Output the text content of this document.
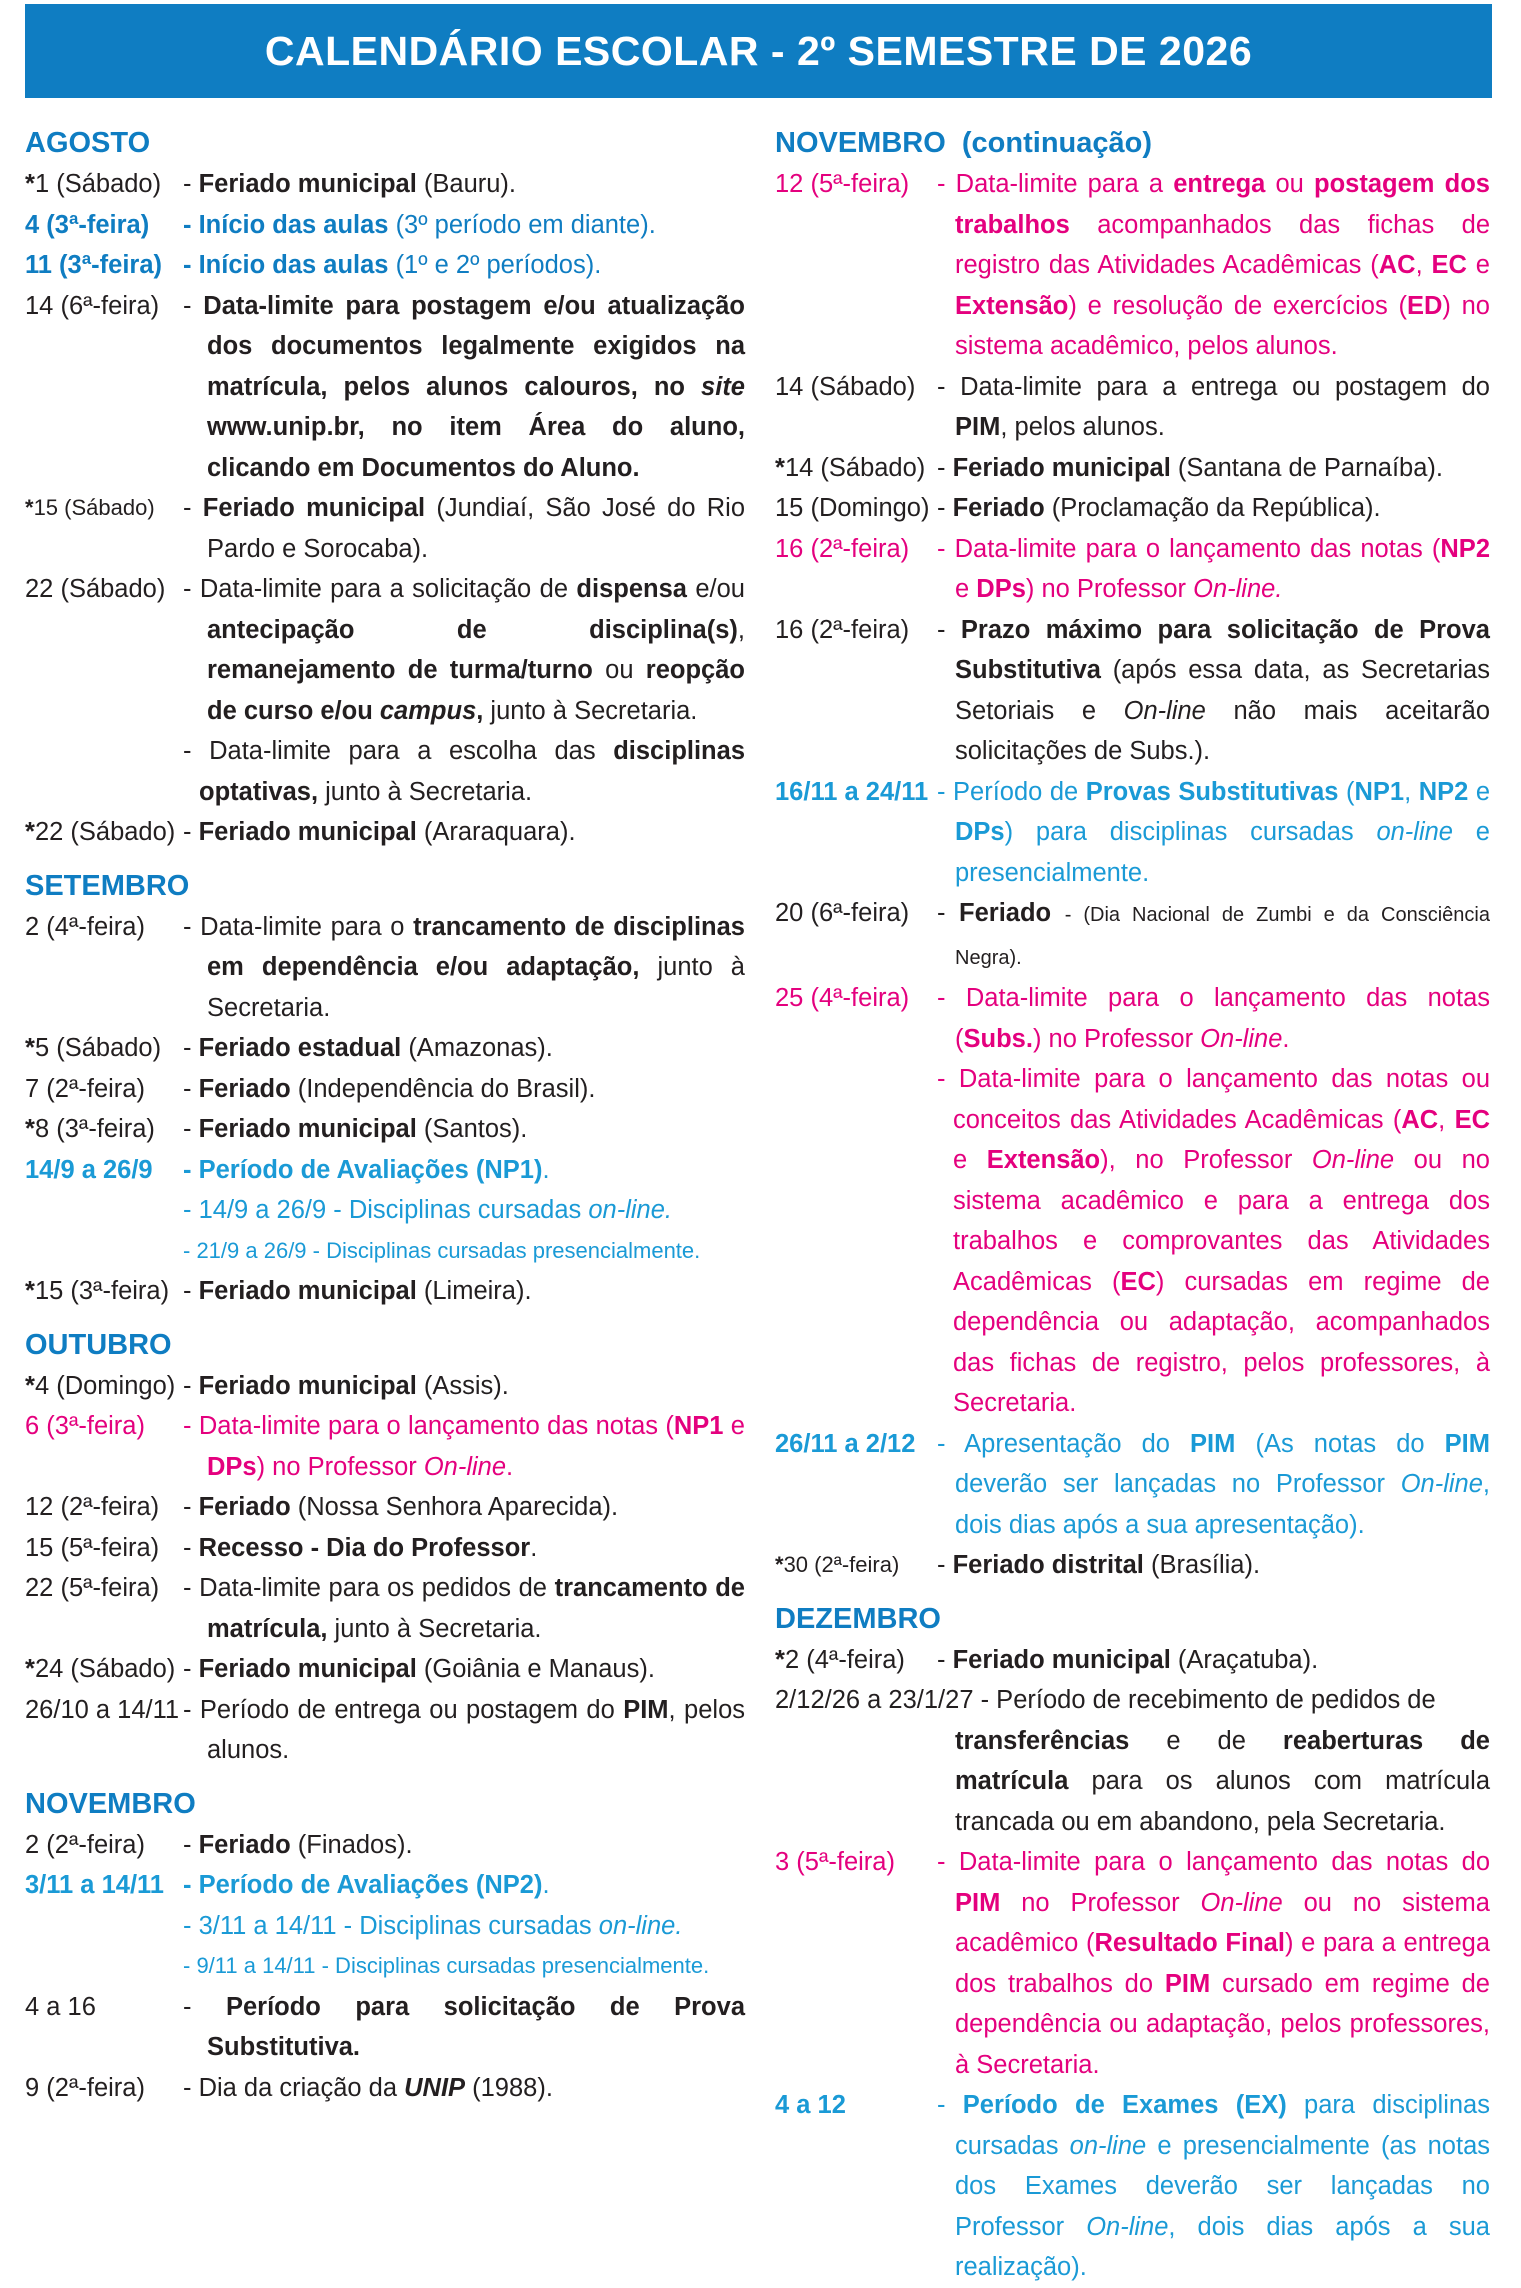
CALENDÁRIO ESCOLAR - 2º SEMESTRE DE 2026
AGOSTO
*1 (Sábado) - Feriado municipal (Bauru).
4 (3ª-feira)	- Início das aulas (3º período em diante).
11 (3ª-feira) - Início das aulas (1º e 2º períodos).
14 (6ª-feira) - Data-limite para postagem e/ou atualização dos documentos legalmente exigidos na matrícula, pelos alunos calouros, no site www.unip.br, no item Área do aluno, clicando em Documentos do Aluno.
*15 (Sábado)	- Feriado municipal (Jundiaí, São José do Rio Pardo e Sorocaba).
22 (Sábado) - Data-limite para a solicitação de dispensa e/ou antecipação de disciplina(s), remanejamento de turma/turno ou reopção de curso e/ou campus, junto à Secretaria.
- Data-limite para a escolha das disciplinas optativas, junto à Secretaria.
*22 (Sábado) - Feriado municipal (Araraquara).
SETEMBRO
2 (4ª-feira)	- Data-limite para o trancamento de disciplinas em dependência e/ou adaptação, junto à Secretaria.
*5 (Sábado) - Feriado estadual (Amazonas).
7 (2ª-feira)	- Feriado (Independência do Brasil).
*8 (3ª-feira)	- Feriado municipal (Santos).
14/9 a 26/9	- Período de Avaliações (NP1).
- 14/9 a 26/9 - Disciplinas cursadas on-line.
- 21/9 a 26/9 - Disciplinas cursadas presencialmente.
*15 (3ª-feira) - Feriado municipal (Limeira).
OUTUBRO
*4 (Domingo) - Feriado municipal (Assis).
6 (3ª-feira)	- Data-limite para o lançamento das notas (NP1 e DPs) no Professor On-line.
12 (2ª-feira) - Feriado (Nossa Senhora Aparecida).
15 (5ª-feira) - Recesso - Dia do Professor.
22 (5ª-feira) - Data-limite para os pedidos de trancamento de matrícula, junto à Secretaria.
*24 (Sábado) - Feriado municipal (Goiânia e Manaus).
26/10 a 14/11 - Período de entrega ou postagem do PIM, pelos alunos.
NOVEMBRO
2 (2ª-feira)	- Feriado (Finados).
3/11 a 14/11 - Período de Avaliações (NP2).
- 3/11 a 14/11 - Disciplinas cursadas on-line.
- 9/11 a 14/11 - Disciplinas cursadas presencialmente.
4 a 16	- Período para solicitação de Prova Substitutiva.
9 (2ª-feira)	- Dia da criação da UNIP (1988).
NOVEMBRO  (continuação)
12 (5ª-feira)	- Data-limite para a entrega ou postagem dos trabalhos acompanhados das fichas de registro das Atividades Acadêmicas (AC, EC e Extensão) e resolução de exercícios (ED) no sistema acadêmico, pelos alunos.
14 (Sábado) - Data-limite para a entrega ou postagem do PIM, pelos alunos.
*14 (Sábado) - Feriado municipal (Santana de Parnaíba).
15 (Domingo) - Feriado (Proclamação da República).
16 (2ª-feira)	- Data-limite para o lançamento das notas (NP2 e DPs) no Professor On-line.
16 (2ª-feira)	- Prazo máximo para solicitação de Prova Substitutiva (após essa data, as Secretarias Setoriais e On-line não mais aceitarão solicitações de Subs.).
16/11 a 24/11 - Período de Provas Substitutivas (NP1, NP2 e DPs) para disciplinas cursadas on-line e presencialmente.
20 (6ª-feira)	- Feriado - (Dia Nacional de Zumbi e da Consciência Negra).
25 (4ª-feira)	- Data-limite para o lançamento das notas (Subs.) no Professor On-line.
- Data-limite para o lançamento das notas ou conceitos das Atividades Acadêmicas (AC, EC e Extensão), no Professor On-line ou no sistema acadêmico e para a entrega dos trabalhos e comprovantes das Atividades Acadêmicas (EC) cursadas em regime de dependência ou adaptação, acompanhados das fichas de registro, pelos professores, à Secretaria.
26/11 a 2/12 - Apresentação do PIM (As notas do PIM deverão ser lançadas no Professor On-line, dois dias após a sua apresentação).
*30 (2ª-feira)	- Feriado distrital (Brasília).
DEZEMBRO
*2 (4ª-feira)	- Feriado municipal (Araçatuba).
2/12/26 a 23/1/27 - Período de recebimento de pedidos de
transferências e de reaberturas de matrícula para os alunos com matrícula trancada ou em abandono, pela Secretaria.
3 (5ª-feira)	- Data-limite para o lançamento das notas do PIM no Professor On-line ou no sistema acadêmico (Resultado Final) e para a entrega dos trabalhos do PIM cursado em regime de dependência ou adaptação, pelos professores, à Secretaria.
4 a 12	- Período de Exames (EX) para disciplinas cursadas on-line e presencialmente (as notas dos Exames deverão ser lançadas no Professor On-line, dois dias após a sua realização).
